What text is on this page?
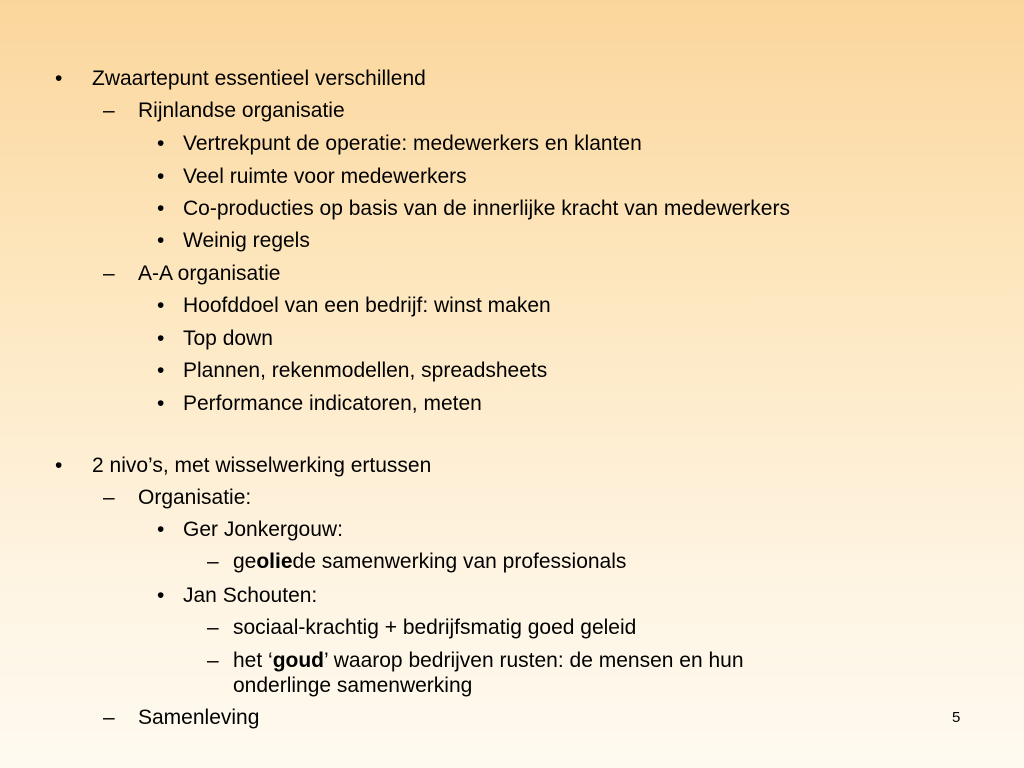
• Zwaartepunt essentieel verschillend
– Rijnlandse organisatie
• Vertrekpunt de operatie: medewerkers en klanten
• Veel ruimte voor medewerkers
• Co-producties op basis van de innerlijke kracht van medewerkers
• Weinig regels
– A-A organisatie
• Hoofddoel van een bedrijf: winst maken
• Top down
• Plannen, rekenmodellen, spreadsheets
• Performance indicatoren, meten
• 2 nivo’s, met wisselwerking ertussen
– Organisatie:
• Ger Jonkergouw:
– geoliede samenwerking van professionals
• Jan Schouten:
– sociaal-krachtig + bedrijfsmatig goed geleid
– het ‘goud’ waarop bedrijven rusten: de mensen en hun
onderlinge samenwerking
– Samenleving	5
